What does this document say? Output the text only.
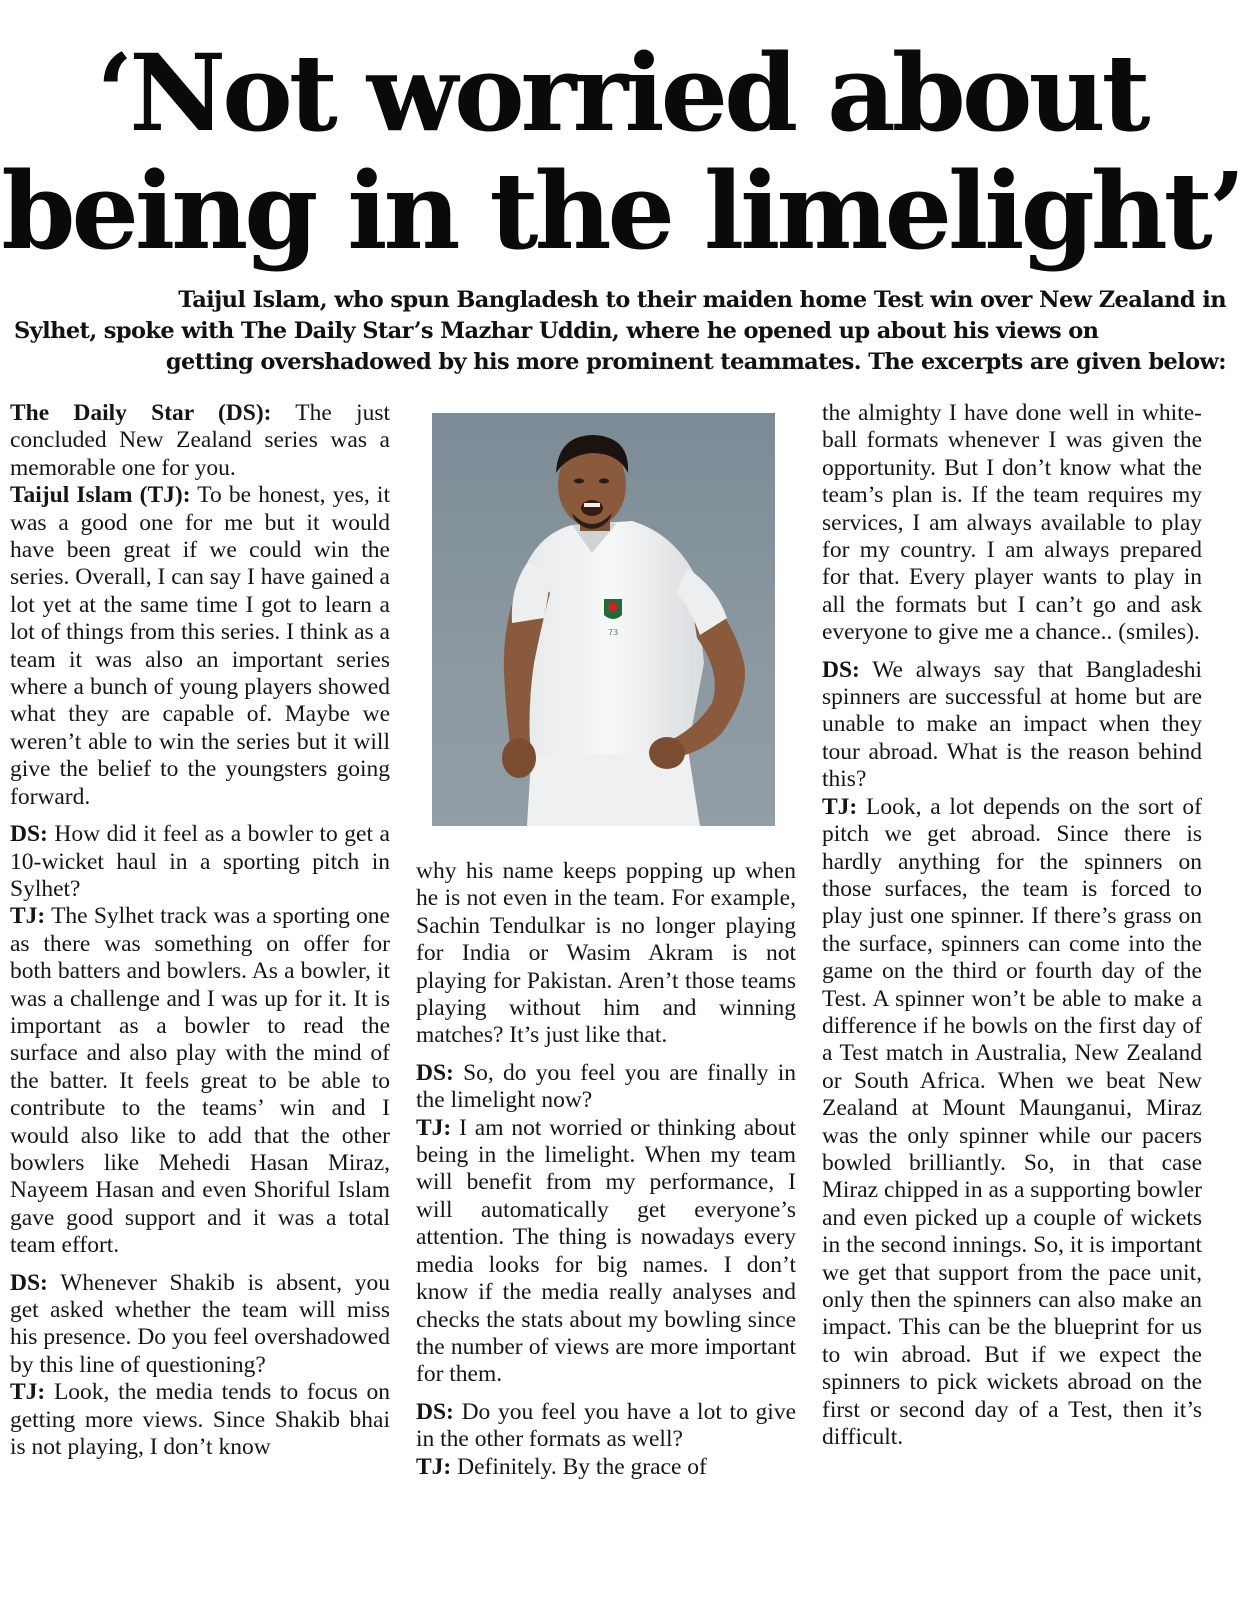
‘Not worried about
being in the limelight’
Taijul Islam, who spun Bangladesh to their maiden home Test win over New Zealand in
Sylhet, spoke with The Daily Star’s Mazhar Uddin, where he opened up about his views on
getting overshadowed by his more prominent teammates. The excerpts are given below:

The Daily Star (DS): The just concluded New Zealand series was a memorable one for you.

Taijul Islam (TJ): To be honest, yes, it was a good one for me but it would have been great if we could win the series. Overall, I can say I have gained a lot yet at the same time I got to learn a lot of things from this series. I think as a team it was also an important series where a bunch of young players showed what they are capable of. Maybe we weren’t able to win the series but it will give the belief to the youngsters going forward.

DS: How did it feel as a bowler to get a 10-wicket haul in a sporting pitch in Sylhet?

TJ: The Sylhet track was a sporting one as there was something on offer for both batters and bowlers. As a bowler, it was a challenge and I was up for it. It is important as a bowler to read the surface and also play with the mind of the batter. It feels great to be able to contribute to the teams’ win and I would also like to add that the other bowlers like Mehedi Hasan Miraz, Nayeem Hasan and even Shoriful Islam gave good support and it was a total team effort.

DS: Whenever Shakib is absent, you get asked whether the team will miss his presence. Do you feel overshadowed by this line of questioning?

TJ: Look, the media tends to focus on getting more views. Since Shakib bhai is not playing, I don’t know

73

why his name keeps popping up when he is not even in the team. For example, Sachin Tendulkar is no longer playing for India or Wasim Akram is not playing for Pakistan. Aren’t those teams playing without him and winning matches? It’s just like that.

DS: So, do you feel you are finally in the limelight now?

TJ: I am not worried or thinking about being in the limelight. When my team will benefit from my performance, I will automatically get everyone’s attention. The thing is nowadays every media looks for big names. I don’t know if the media really analyses and checks the stats about my bowling since the number of views are more important for them.

DS: Do you feel you have a lot to give in the other formats as well?

TJ: Definitely. By the grace of

the almighty I have done well in white-ball formats whenever I was given the opportunity. But I don’t know what the team’s plan is. If the team requires my services, I am always available to play for my country. I am always prepared for that. Every player wants to play in all the formats but I can’t go and ask everyone to give me a chance.. (smiles).

DS: We always say that Bangladeshi spinners are successful at home but are unable to make an impact when they tour abroad. What is the reason behind this?

TJ: Look, a lot depends on the sort of pitch we get abroad. Since there is hardly anything for the spinners on those surfaces, the team is forced to play just one spinner. If there’s grass on the surface, spinners can come into the game on the third or fourth day of the Test. A spinner won’t be able to make a difference if he bowls on the first day of a Test match in Australia, New Zealand or South Africa. When we beat New Zealand at Mount Maunganui, Miraz was the only spinner while our pacers bowled brilliantly. So, in that case Miraz chipped in as a supporting bowler and even picked up a couple of wickets in the second innings. So, it is important we get that support from the pace unit, only then the spinners can also make an impact. This can be the blueprint for us to win abroad. But if we expect the spinners to pick wickets abroad on the first or second day of a Test, then it’s difficult.
